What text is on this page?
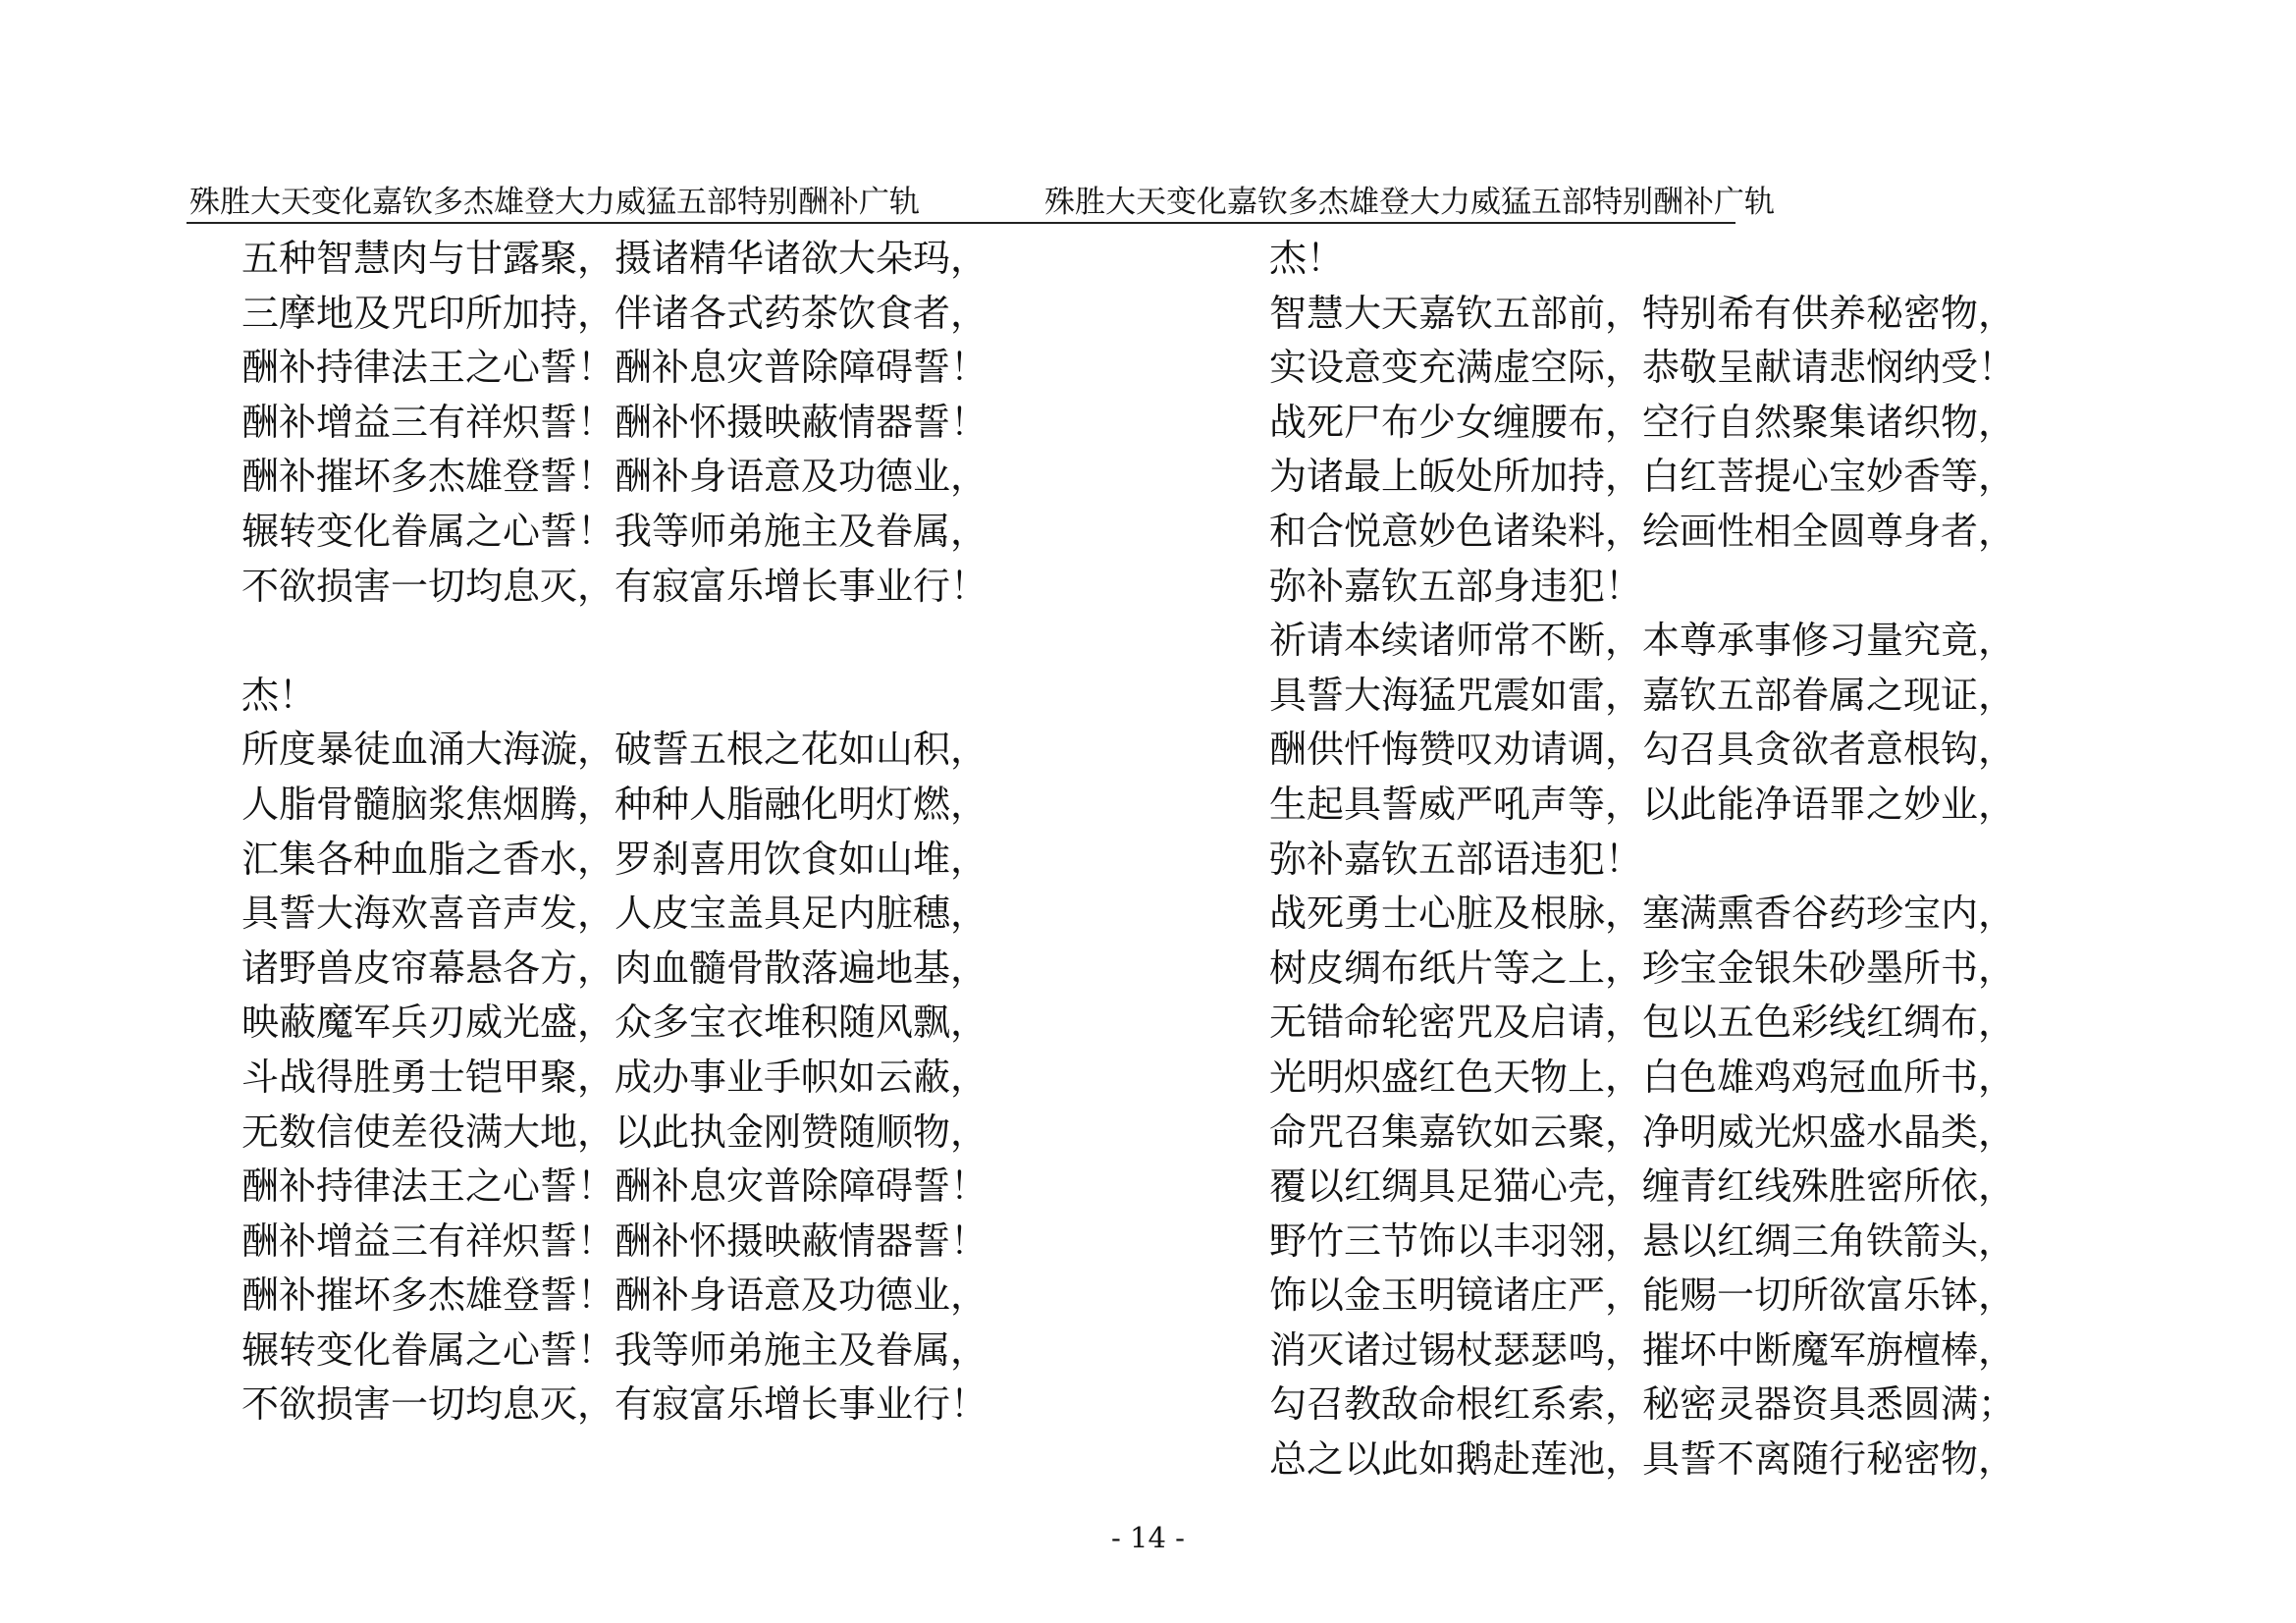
殊胜大天变化嘉钦多杰雄登大力威猛五部特别酬补广轨	殊胜大天变化嘉钦多杰雄登大力威猛五部特别酬补广轨
五种智慧肉与甘露聚，摄诸精华诸欲大朵玛，
三摩地及咒印所加持，伴诸各式药茶饮食者，
酬补持律法王之心誓！酬补息灾普除障碍誓！
酬补增益三有祥炽誓！酬补怀摄映蔽情器誓！
酬补摧坏多杰雄登誓！酬补身语意及功德业，
辗转变化眷属之心誓！我等师弟施主及眷属，
不欲损害一切均息灭，有寂富乐增长事业行！
杰！
所度暴徒血涌大海漩，破誓五根之花如山积，
人脂骨髓脑浆焦烟腾，种种人脂融化明灯燃，
汇集各种血脂之香水，罗刹喜用饮食如山堆，
具誓大海欢喜音声发，人皮宝盖具足内脏穗，
诸野兽皮帘幕悬各方，肉血髓骨散落遍地基，
映蔽魔军兵刃威光盛，众多宝衣堆积随风飘，
斗战得胜勇士铠甲聚，成办事业手帜如云蔽，
无数信使差役满大地，以此执金刚赞随顺物，
酬补持律法王之心誓！酬补息灾普除障碍誓！
酬补增益三有祥炽誓！酬补怀摄映蔽情器誓！
酬补摧坏多杰雄登誓！酬补身语意及功德业，
辗转变化眷属之心誓！我等师弟施主及眷属，
不欲损害一切均息灭，有寂富乐增长事业行！
杰！
智慧大天嘉钦五部前，特别希有供养秘密物，
实设意变充满虚空际，恭敬呈献请悲悯纳受！
战死尸布少女缠腰布，空行自然聚集诸织物，
为诸最上皈处所加持，白红菩提心宝妙香等，
和合悦意妙色诸染料，绘画性相全圆尊身者，
弥补嘉钦五部身违犯！
祈请本续诸师常不断，本尊承事修习量究竟，
具誓大海猛咒震如雷，嘉钦五部眷属之现证，
酬供忏悔赞叹劝请调，勾召具贪欲者意根钩，
生起具誓威严吼声等，以此能净语罪之妙业，
弥补嘉钦五部语违犯！
战死勇士心脏及根脉，塞满熏香谷药珍宝内，
树皮绸布纸片等之上，珍宝金银朱砂墨所书，
无错命轮密咒及启请，包以五色彩线红绸布，
光明炽盛红色天物上，白色雄鸡鸡冠血所书，
命咒召集嘉钦如云聚，净明威光炽盛水晶类，
覆以红绸具足猫心壳，缠青红线殊胜密所依，
野竹三节饰以丰羽翎，悬以红绸三角铁箭头，
饰以金玉明镜诸庄严，能赐一切所欲富乐钵，
消灭诸过锡杖瑟瑟鸣，摧坏中断魔军旃檀棒，
勾召教敌命根红系索，秘密灵器资具悉圆满；
总之以此如鹅赴莲池，具誓不离随行秘密物，
- 14 -
